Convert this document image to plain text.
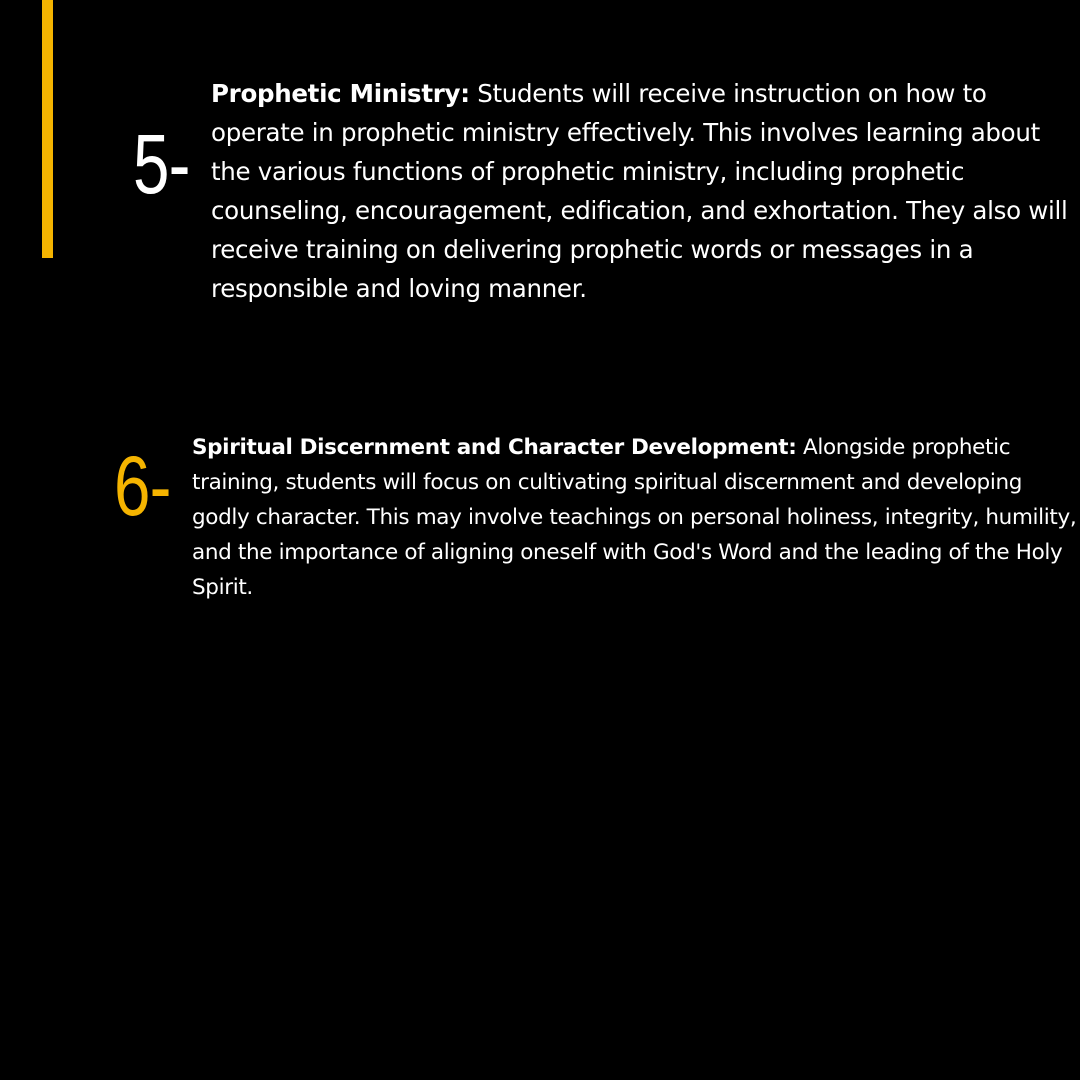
5-

Prophetic Ministry: Students will receive instruction on how to operate in prophetic ministry effectively. This involves learning about the various functions of prophetic ministry, including prophetic counseling, encouragement, edification, and exhortation. They also will receive training on delivering prophetic words or messages in a responsible and loving manner.

6- Spiritual Discernment and Character Development: Alongside prophetic training, students will focus on cultivating spiritual discernment and developing godly character. This may involve teachings on personal holiness, integrity, humility, and the importance of aligning oneself with God's Word and the leading of the Holy Spirit.
